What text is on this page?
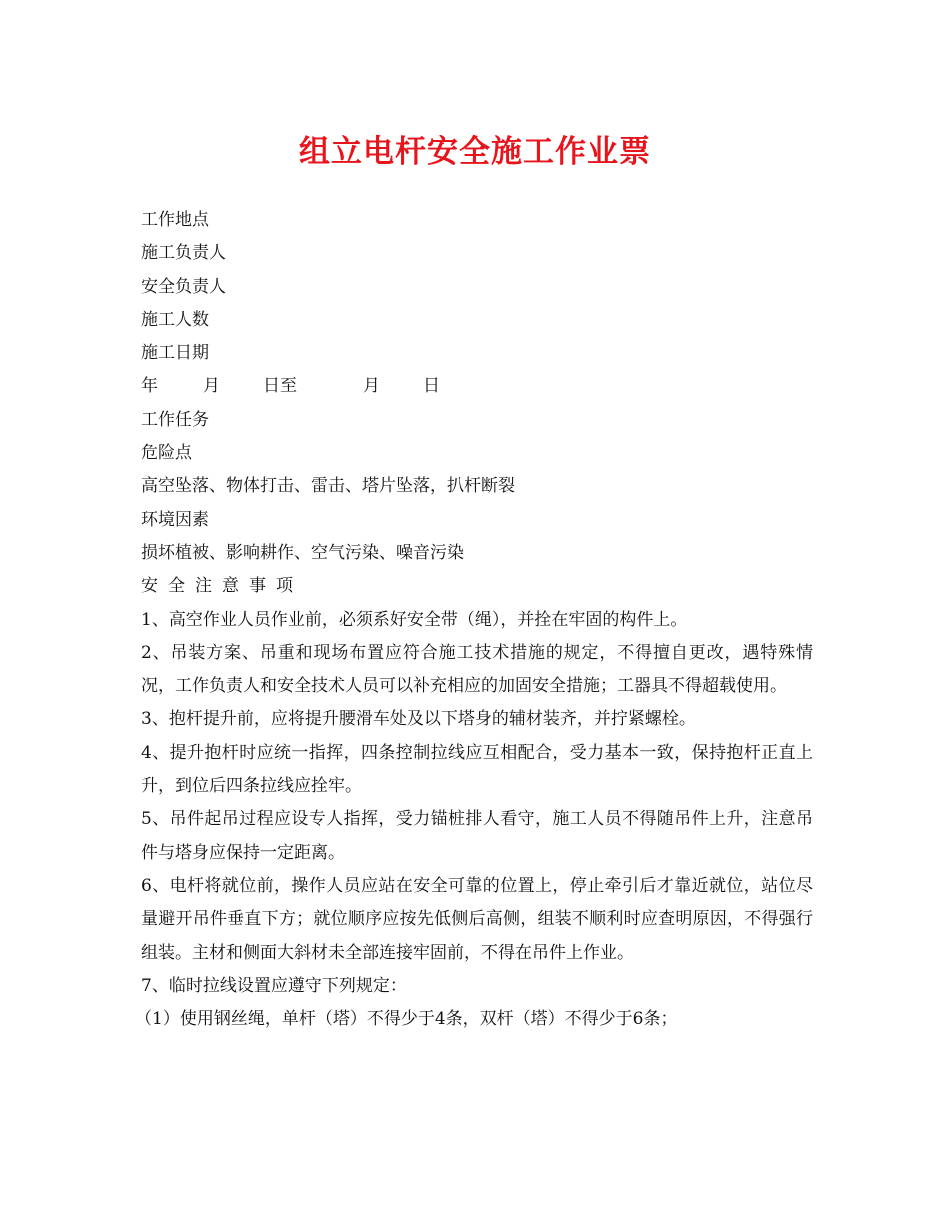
组立电杆安全施工作业票
工作地点
施工负责人
安全负责人
施工人数
施工日期
年	月	日至	月	日
工作任务
危险点
高空坠落、物体打击、雷击、塔片坠落，扒杆断裂
环境因素
损坏植被、影响耕作、空气污染、噪音污染
安全注意事项
1、高空作业人员作业前，必须系好安全带（绳），并拴在牢固的构件上。
2、吊装方案、吊重和现场布置应符合施工技术措施的规定，不得擅自更改，遇特殊情况，工作负责人和安全技术人员可以补充相应的加固安全措施；工器具不得超载使用。
3、抱杆提升前，应将提升腰滑车处及以下塔身的辅材装齐，并拧紧螺栓。
4、提升抱杆时应统一指挥，四条控制拉线应互相配合，受力基本一致，保持抱杆正直上升，到位后四条拉线应拴牢。
5、吊件起吊过程应设专人指挥，受力锚桩排人看守，施工人员不得随吊件上升，注意吊件与塔身应保持一定距离。
6、电杆将就位前，操作人员应站在安全可靠的位置上，停止牵引后才靠近就位，站位尽量避开吊件垂直下方；就位顺序应按先低侧后高侧，组装不顺利时应查明原因，不得强行组装。主材和侧面大斜材未全部连接牢固前，不得在吊件上作业。
7、临时拉线设置应遵守下列规定：
（1）使用钢丝绳，单杆（塔）不得少于4条，双杆（塔）不得少于6条；
